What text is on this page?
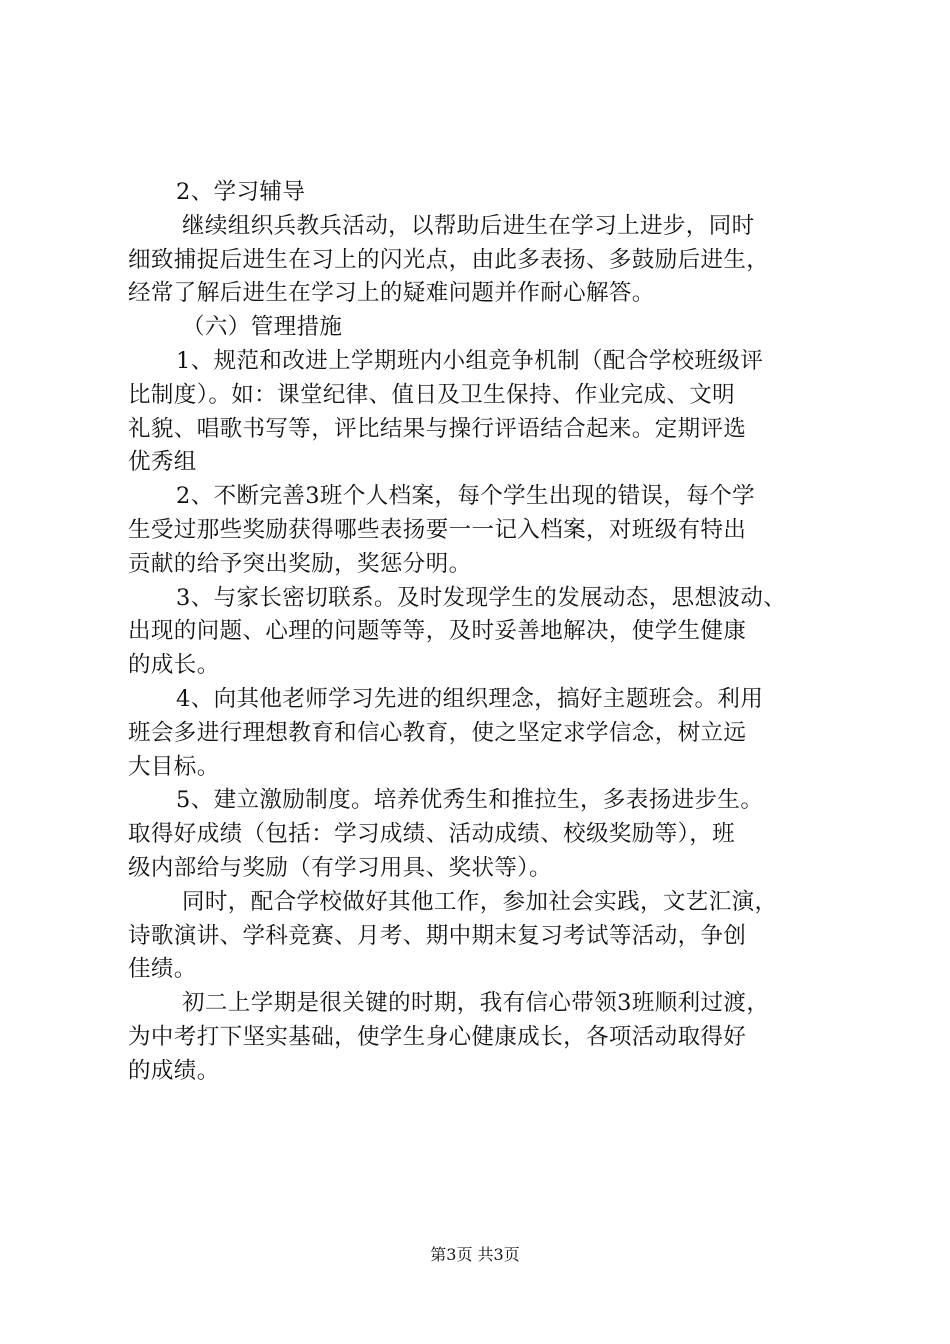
2、学习辅导
继续组织兵教兵活动，以帮助后进生在学习上进步，同时
细致捕捉后进生在习上的闪光点，由此多表扬、多鼓励后进生，
经常了解后进生在学习上的疑难问题并作耐心解答。
（六）管理措施
1、规范和改进上学期班内小组竞争机制（配合学校班级评
比制度）。如：课堂纪律、值日及卫生保持、作业完成、文明
礼貌、唱歌书写等，评比结果与操行评语结合起来。定期评选
优秀组
2、不断完善3班个人档案，每个学生出现的错误，每个学
生受过那些奖励获得哪些表扬要一一记入档案，对班级有特出
贡献的给予突出奖励，奖惩分明。
3、与家长密切联系。及时发现学生的发展动态，思想波动、
出现的问题、心理的问题等等，及时妥善地解决，使学生健康
的成长。
4、向其他老师学习先进的组织理念，搞好主题班会。利用
班会多进行理想教育和信心教育，使之坚定求学信念，树立远
大目标。
5、建立激励制度。培养优秀生和推拉生，多表扬进步生。
取得好成绩（包括：学习成绩、活动成绩、校级奖励等），班
级内部给与奖励（有学习用具、奖状等）。
同时，配合学校做好其他工作，参加社会实践，文艺汇演，
诗歌演讲、学科竞赛、月考、期中期末复习考试等活动，争创
佳绩。
初二上学期是很关键的时期，我有信心带领3班顺利过渡，
为中考打下坚实基础，使学生身心健康成长，各项活动取得好
的成绩。
第3页 共3页
